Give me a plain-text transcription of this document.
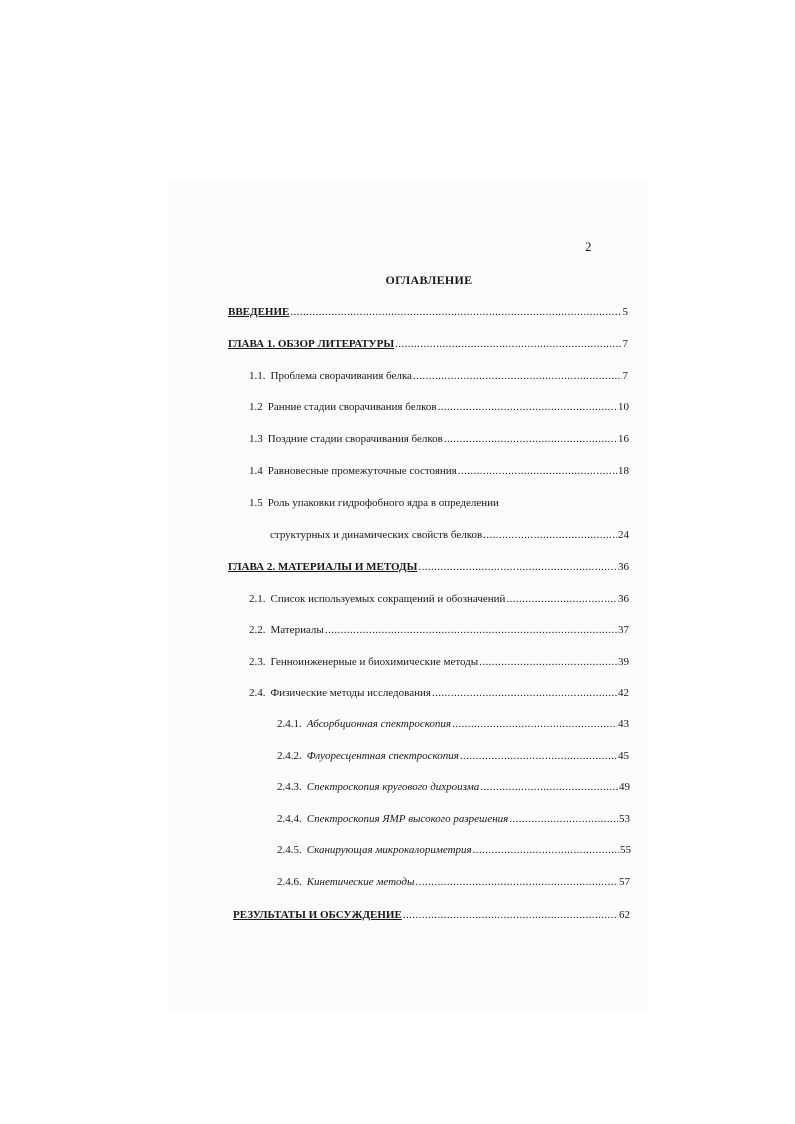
2
ОГЛАВЛЕНИЕ
ВВЕДЕНИЕ .....	5
ГЛАВА 1. ОБЗОР ЛИТЕРАТУРЫ .....	7
1.1. Проблема сворачивания белка .....	7
1.2 Ранние стадии сворачивания белков .....	10
1.3 Поздние стадии сворачивания белков .....	16
1.4 Равновесные промежуточные состояния .....	18
1.5 Роль упаковки гидрофобного ядра в определении
структурных и динамических свойств белков .....	24
ГЛАВА 2. МАТЕРИАЛЫ И МЕТОДЫ .....	36
2.1. Список используемых сокращений и обозначений .....	36
2.2. Материалы .....	37
2.3. Генноинженерные и биохимические методы .....	39
2.4. Физические методы исследования .....	42
2.4.1. Абсорбционная спектроскопия .....	43
2.4.2. Флуоресцентная спектроскопия .....	45
2.4.3. Спектроскопия кругового дихроизма .....	49
2.4.4. Спектроскопия ЯМР высокого разрешения .....	53
2.4.5. Сканирующая микрокалориметрия .....	55
2.4.6. Кинетические методы .....	57
РЕЗУЛЬТАТЫ И ОБСУЖДЕНИЕ .....	62
